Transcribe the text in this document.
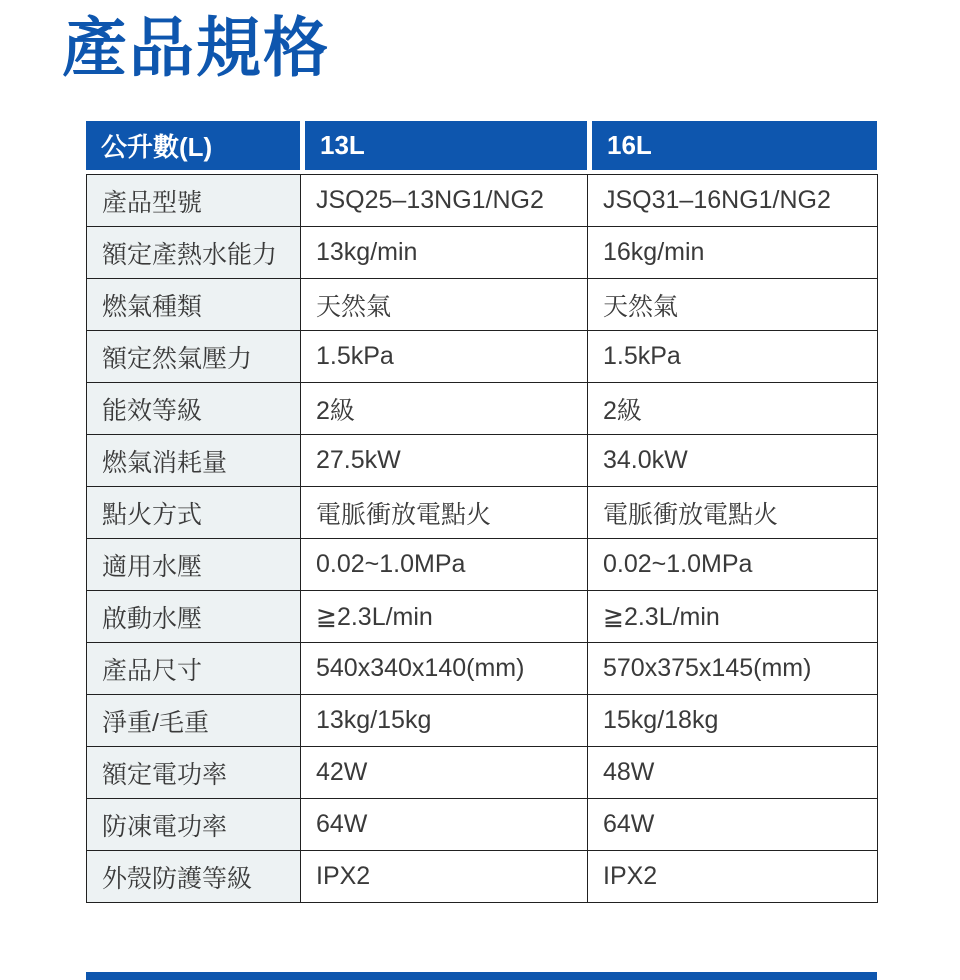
產品規格
公升數(L)	13L	16L
產品型號	JSQ25–13NG1/NG2	JSQ31–16NG1/NG2
額定產熱水能力	13kg/min	16kg/min
燃氣種類	天然氣	天然氣
額定然氣壓力	1.5kPa	1.5kPa
能效等級	2級	2級
燃氣消耗量	27.5kW	34.0kW
點火方式	電脈衝放電點火	電脈衝放電點火
適用水壓	0.02~1.0MPa	0.02~1.0MPa
啟動水壓	≧2.3L/min	≧2.3L/min
產品尺寸	540x340x140(mm)	570x375x145(mm)
淨重/毛重	13kg/15kg	15kg/18kg
額定電功率	42W	48W
防凍電功率	64W	64W
外殼防護等級	IPX2	IPX2
